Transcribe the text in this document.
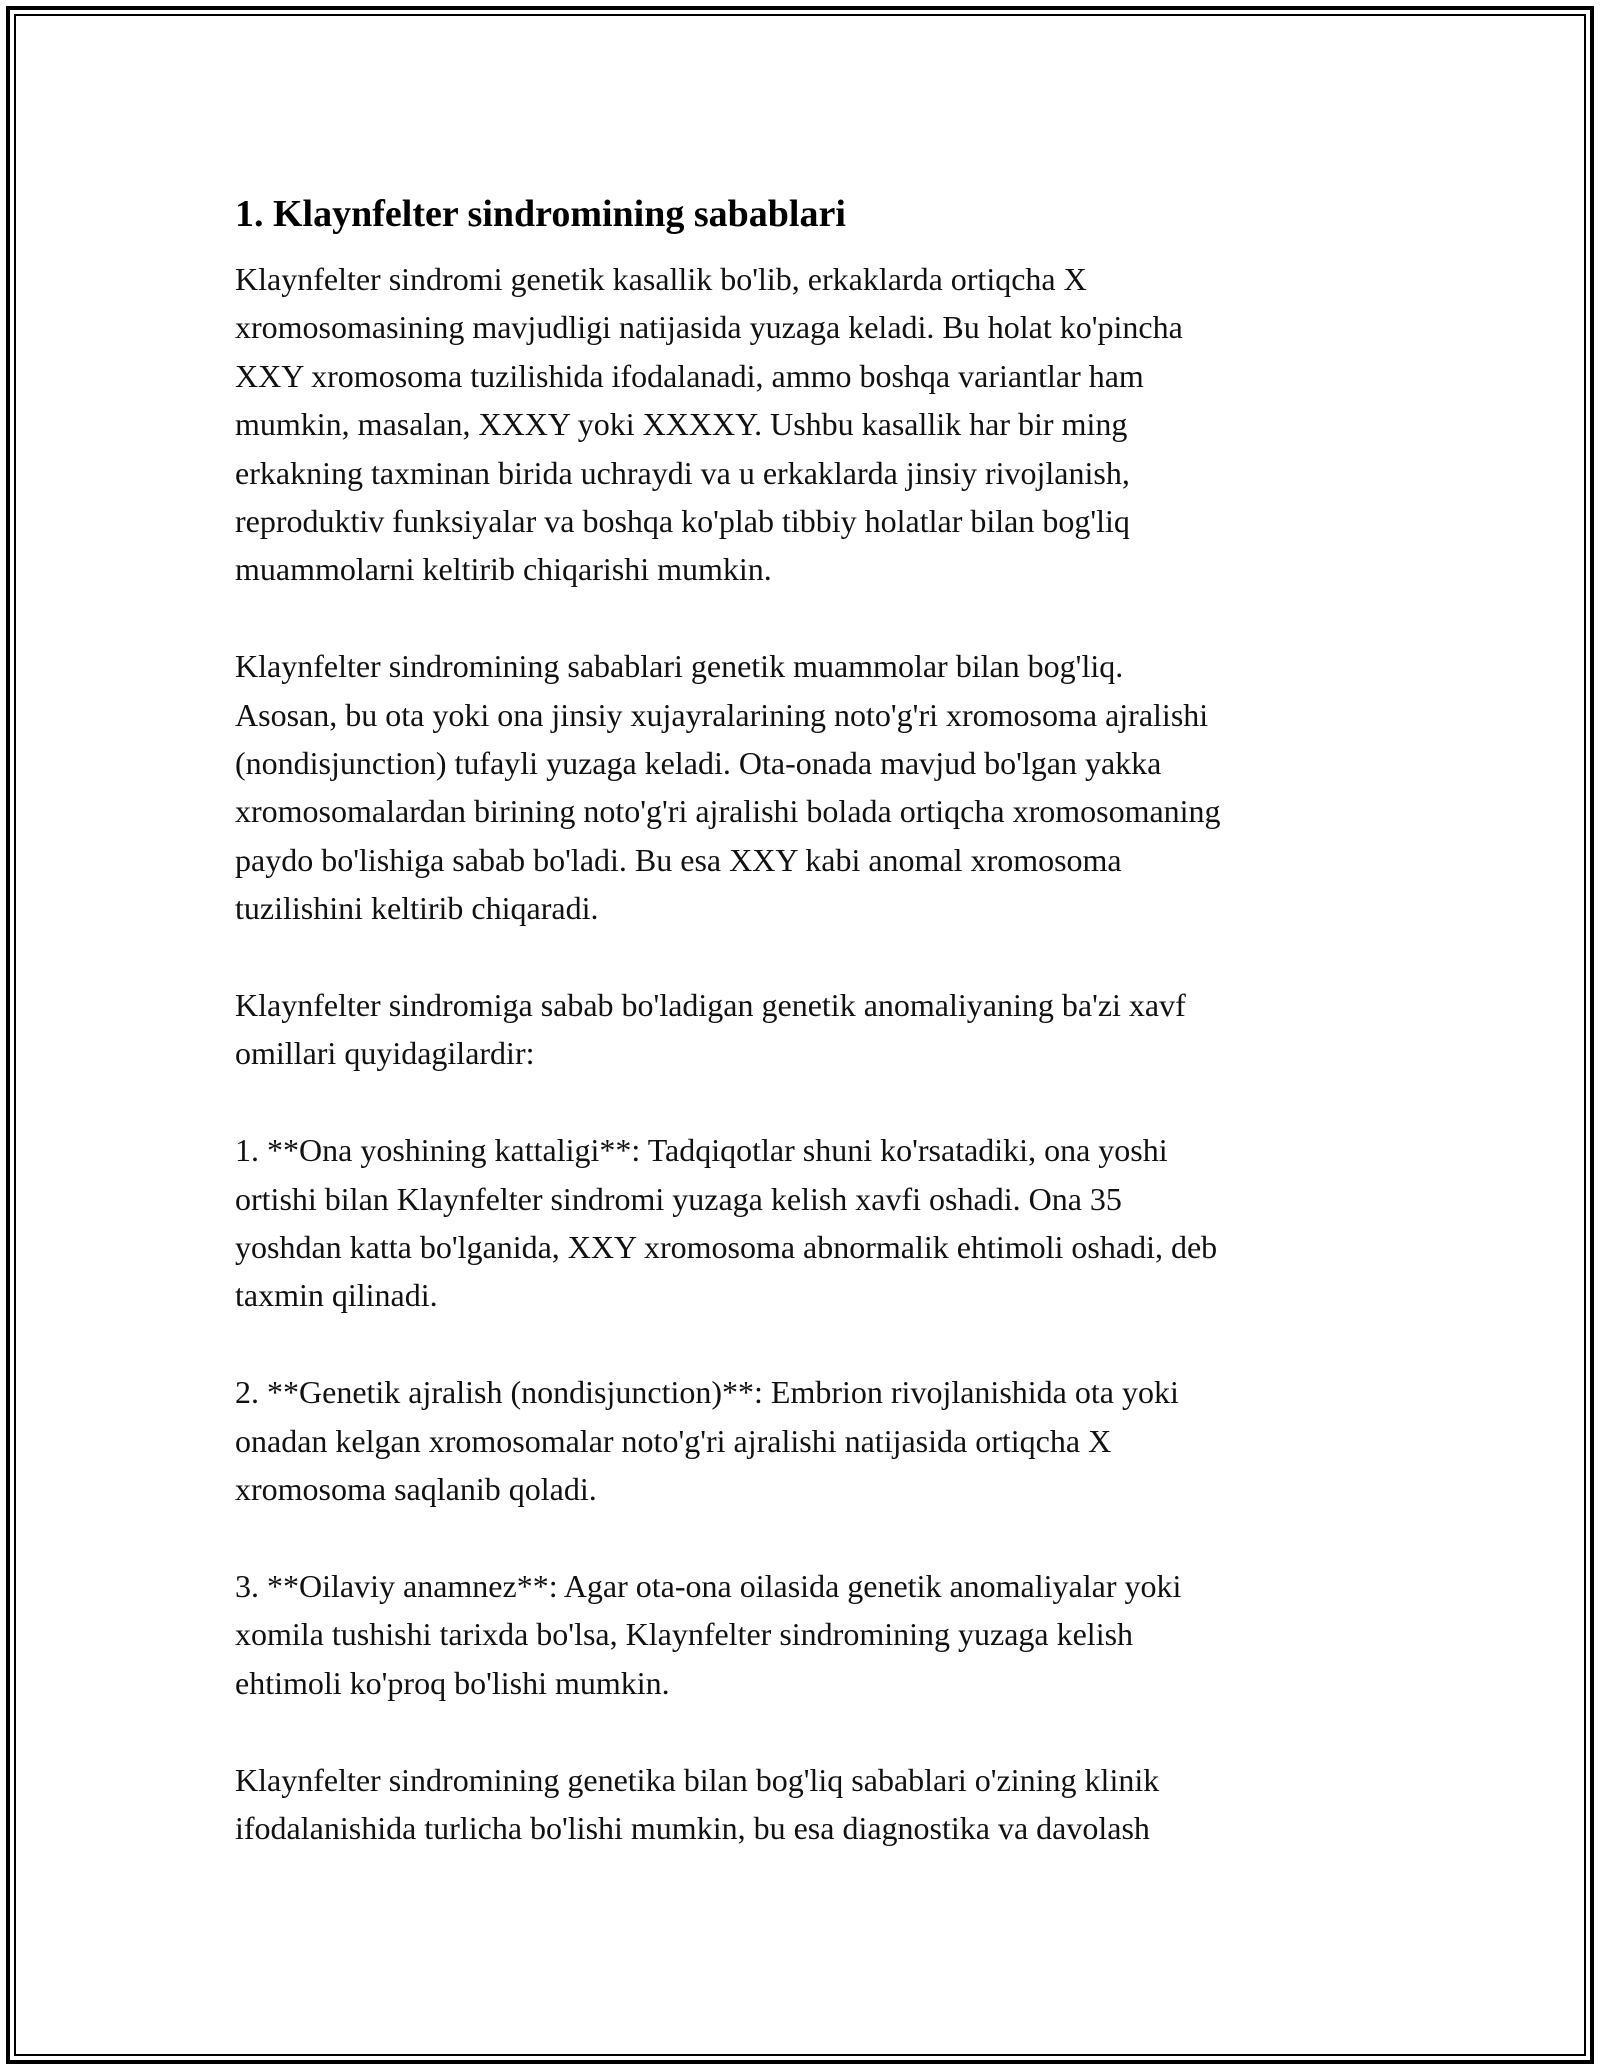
1. Klaynfelter sindromining sabablari

Klaynfelter sindromi genetik kasallik bo'lib, erkaklarda ortiqcha X
xromosomasining mavjudligi natijasida yuzaga keladi. Bu holat ko'pincha
XXY xromosoma tuzilishida ifodalanadi, ammo boshqa variantlar ham
mumkin, masalan, XXXY yoki XXXXY. Ushbu kasallik har bir ming
erkakning taxminan birida uchraydi va u erkaklarda jinsiy rivojlanish,
reproduktiv funksiyalar va boshqa ko'plab tibbiy holatlar bilan bog'liq
muammolarni keltirib chiqarishi mumkin.

Klaynfelter sindromining sabablari genetik muammolar bilan bog'liq.
Asosan, bu ota yoki ona jinsiy xujayralarining noto'g'ri xromosoma ajralishi
(nondisjunction) tufayli yuzaga keladi. Ota-onada mavjud bo'lgan yakka
xromosomalardan birining noto'g'ri ajralishi bolada ortiqcha xromosomaning
paydo bo'lishiga sabab bo'ladi. Bu esa XXY kabi anomal xromosoma
tuzilishini keltirib chiqaradi.

Klaynfelter sindromiga sabab bo'ladigan genetik anomaliyaning ba'zi xavf
omillari quyidagilardir:

1. **Ona yoshining kattaligi**: Tadqiqotlar shuni ko'rsatadiki, ona yoshi
ortishi bilan Klaynfelter sindromi yuzaga kelish xavfi oshadi. Ona 35
yoshdan katta bo'lganida, XXY xromosoma abnormalik ehtimoli oshadi, deb
taxmin qilinadi.

2. **Genetik ajralish (nondisjunction)**: Embrion rivojlanishida ota yoki
onadan kelgan xromosomalar noto'g'ri ajralishi natijasida ortiqcha X
xromosoma saqlanib qoladi.

3. **Oilaviy anamnez**: Agar ota-ona oilasida genetik anomaliyalar yoki
xomila tushishi tarixda bo'lsa, Klaynfelter sindromining yuzaga kelish
ehtimoli ko'proq bo'lishi mumkin.

Klaynfelter sindromining genetika bilan bog'liq sabablari o'zining klinik
ifodalanishida turlicha bo'lishi mumkin, bu esa diagnostika va davolash
